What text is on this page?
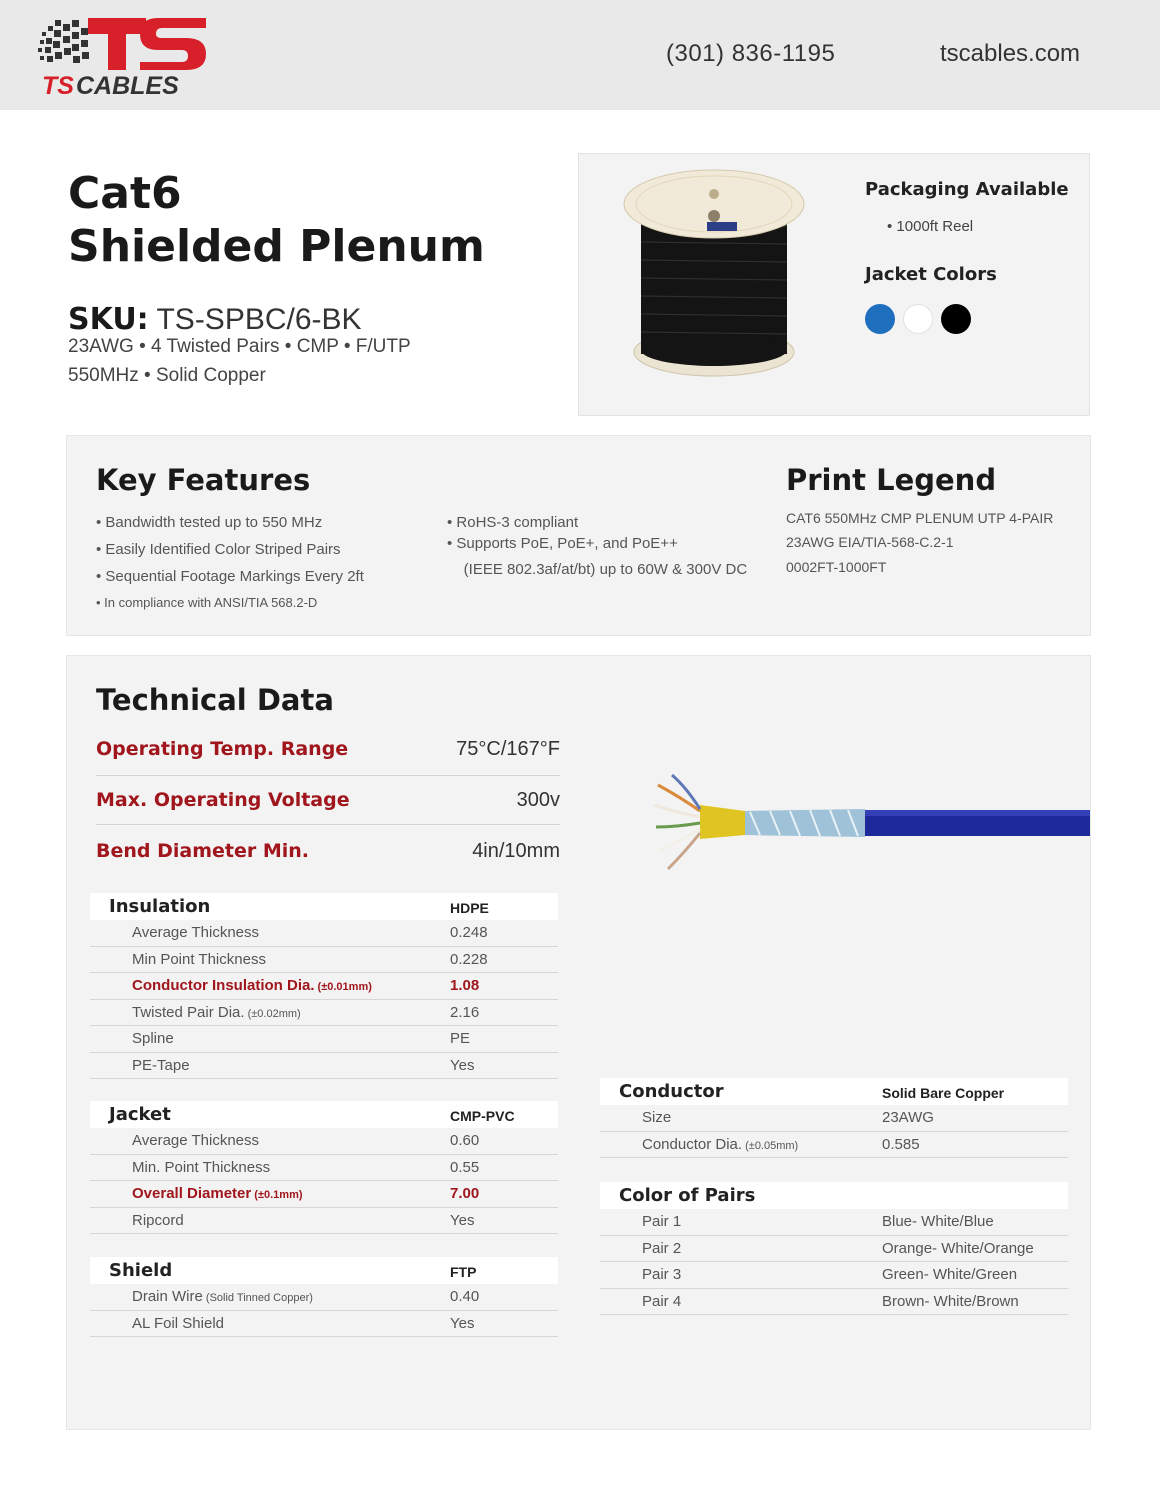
TS CABLES
(301) 836-1195	tscables.com
Cat6
Shielded Plenum
SKU: TS-SPBC/6-BK
23AWG • 4 Twisted Pairs • CMP • F/UTP
550MHz • Solid Copper
Packaging Available
• 1000ft Reel
Jacket Colors
Key Features
• Bandwidth tested up to 550 MHz
• Easily Identified Color Striped Pairs
• Sequential Footage Markings Every 2ft
• In compliance with ANSI/TIA 568.2-D
• RoHS-3 compliant
• Supports PoE, PoE+, and PoE++
(IEEE 802.3af/at/bt) up to 60W & 300V DC
Print Legend
CAT6 550MHz CMP PLENUM UTP 4-PAIR
23AWG EIA/TIA-568-C.2-1
0002FT-1000FT
Technical Data
Operating Temp. Range	75°C/167°F
Max. Operating Voltage	300v
Bend Diameter Min.	4in/10mm
Insulation	HDPE
Average Thickness	0.248
Min Point Thickness	0.228
Conductor Insulation Dia. (±0.01mm)	1.08
Twisted Pair Dia. (±0.02mm)	2.16
Spline	PE
PE-Tape	Yes
Jacket	CMP-PVC
Average Thickness	0.60
Min. Point Thickness	0.55
Overall Diameter (±0.1mm)	7.00
Ripcord	Yes
Shield	FTP
Drain Wire (Solid Tinned Copper)	0.40
AL Foil Shield	Yes
Conductor	Solid Bare Copper
Size	23AWG
Conductor Dia. (±0.05mm)	0.585
Color of Pairs
Pair 1	Blue- White/Blue
Pair 2	Orange- White/Orange
Pair 3	Green- White/Green
Pair 4	Brown- White/Brown
